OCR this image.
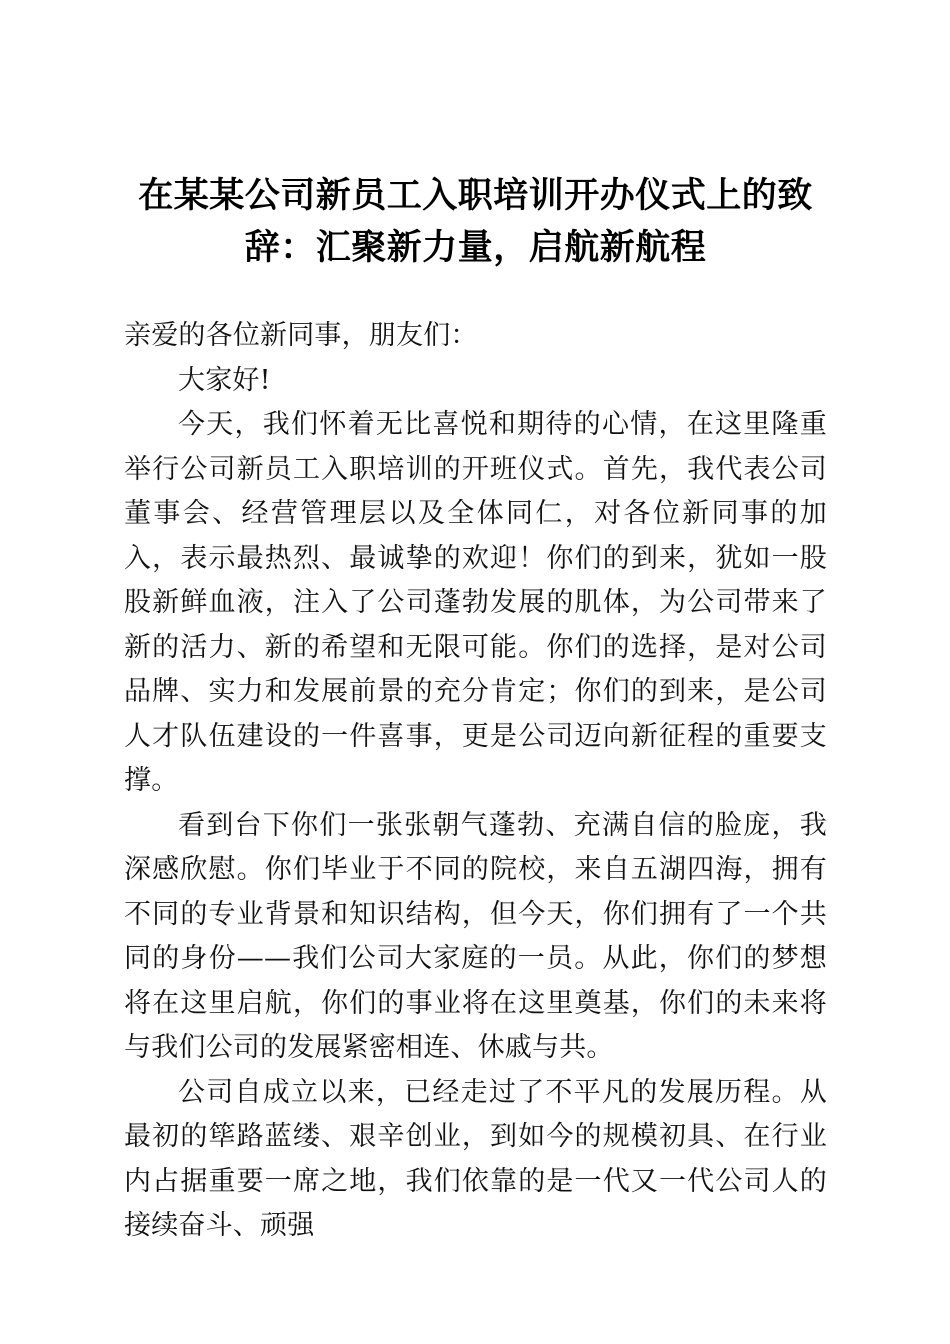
在某某公司新员工入职培训开办仪式上的致辞：汇聚新力量，启航新航程

亲爱的各位新同事，朋友们：

大家好!

今天，我们怀着无比喜悦和期待的心情，在这里隆重举行公司新员工入职培训的开班仪式。首先，我代表公司董事会、经营管理层以及全体同仁，对各位新同事的加入，表示最热烈、最诚挚的欢迎！你们的到来，犹如一股股新鲜血液，注入了公司蓬勃发展的肌体，为公司带来了新的活力、新的希望和无限可能。你们的选择，是对公司品牌、实力和发展前景的充分肯定；你们的到来，是公司人才队伍建设的一件喜事，更是公司迈向新征程的重要支撑。

看到台下你们一张张朝气蓬勃、充满自信的脸庞，我深感欣慰。你们毕业于不同的院校，来自五湖四海，拥有不同的专业背景和知识结构，但今天，你们拥有了一个共同的身份——我们公司大家庭的一员。从此，你们的梦想将在这里启航，你们的事业将在这里奠基，你们的未来将与我们公司的发展紧密相连、休戚与共。

公司自成立以来，已经走过了不平凡的发展历程。从最初的筚路蓝缕、艰辛创业，到如今的规模初具、在行业内占据重要一席之地，我们依靠的是一代又一代公司人的接续奋斗、顽强
